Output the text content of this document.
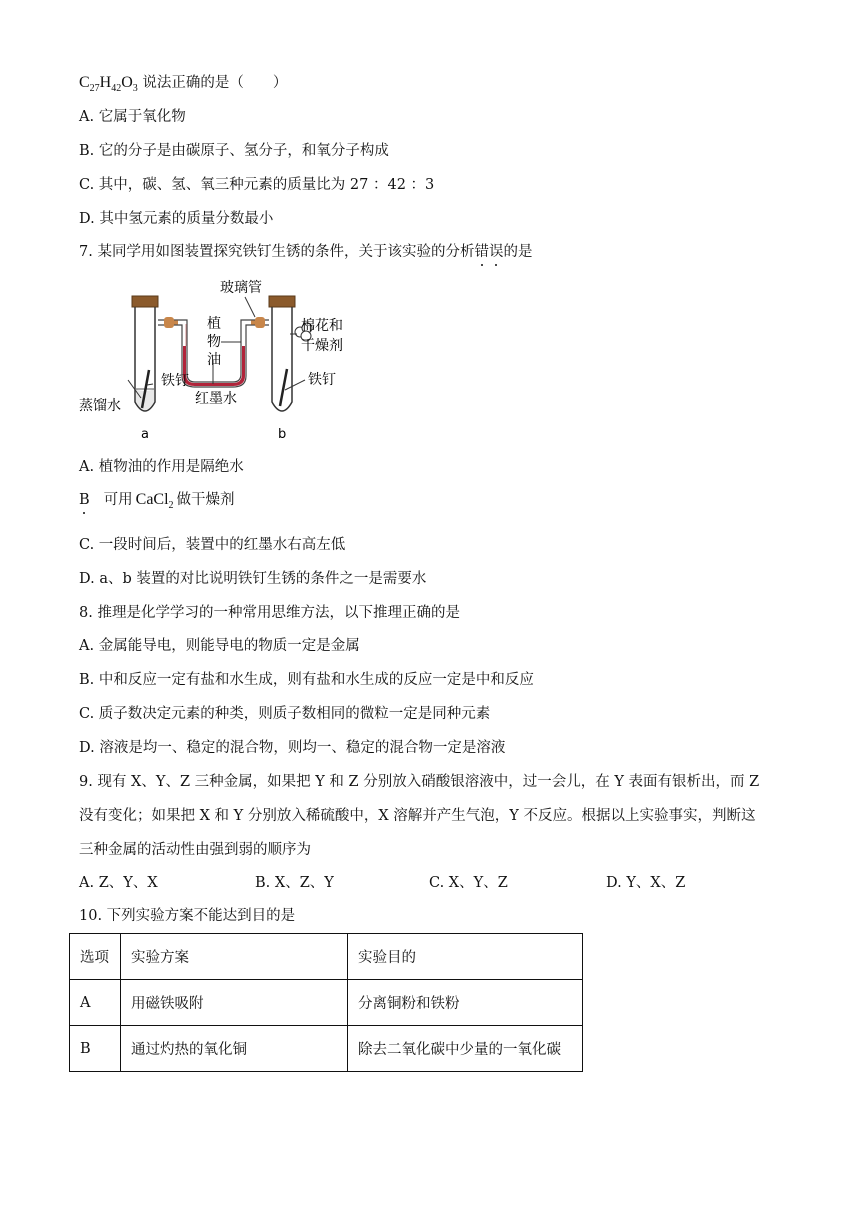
$C_{27}H_{42}O_3$ 说法正确的是（　　）
A. 它属于氧化物
B. 它的分子是由碳原子、氢分子，和氧分子构成
C. 其中，碳、氢、氧三种元素的质量比为 27 ：42 ：3
D. 其中氢元素的质量分数最小
7. 某同学用如图装置探究铁钉生锈的条件，关于该实验的分析错误的是
玻璃管
植
物
油
棉花和
干燥剂
铁钉	铁钉
蒸馏水	红墨水
a	b
A. 植物油的作用是隔绝水
B 可用 CaCl$_2$ 做干燥剂
C. 一段时间后，装置中的红墨水右高左低
D. a、b 装置的对比说明铁钉生锈的条件之一是需要水
8. 推理是化学学习的一种常用思维方法，以下推理正确的是
A. 金属能导电，则能导电的物质一定是金属
B. 中和反应一定有盐和水生成，则有盐和水生成的反应一定是中和反应
C. 质子数决定元素的种类，则质子数相同的微粒一定是同种元素
D. 溶液是均一、稳定的混合物，则均一、稳定的混合物一定是溶液
9. 现有 X、Y、Z 三种金属，如果把 Y 和 Z 分别放入硝酸银溶液中，过一会儿，在 Y 表面有银析出，而 Z
没有变化；如果把 X 和 Y 分别放入稀硫酸中，X 溶解并产生气泡，Y 不反应。根据以上实验事实，判断这
三种金属的活动性由强到弱的顺序为
A. Z、Y、X	B. X、Z、Y	C. X、Y、Z	D. Y、X、Z
10. 下列实验方案不能达到目的是
选项	实验方案	实验目的
A	用磁铁吸附	分离铜粉和铁粉
B	通过灼热的氧化铜	除去二氧化碳中少量的一氧化碳
